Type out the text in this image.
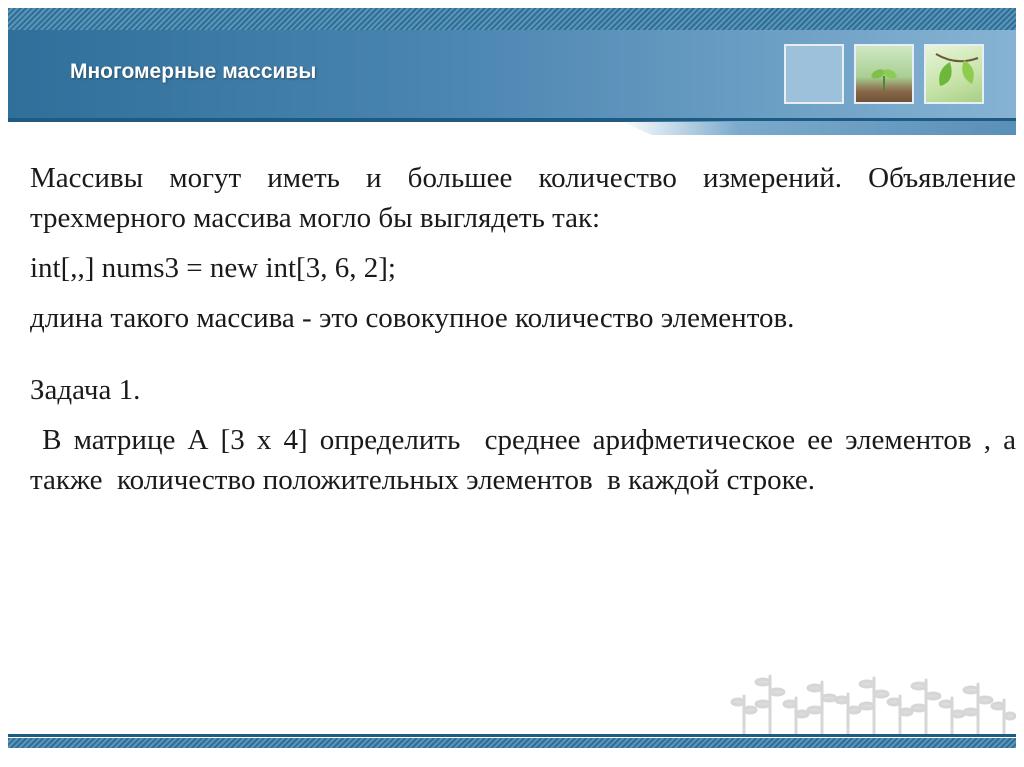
Многомерные массивы

Массивы могут иметь и большее количество измерений. Объявление трехмерного массива могло бы выглядеть так:

int[,,] nums3 = new int[3, 6, 2];

длина такого массива - это совокупное количество элементов.

Задача 1.

В матрице А [3 х 4] определить  среднее арифметическое ее элементов , а также  количество положительных элементов  в каждой строке.
